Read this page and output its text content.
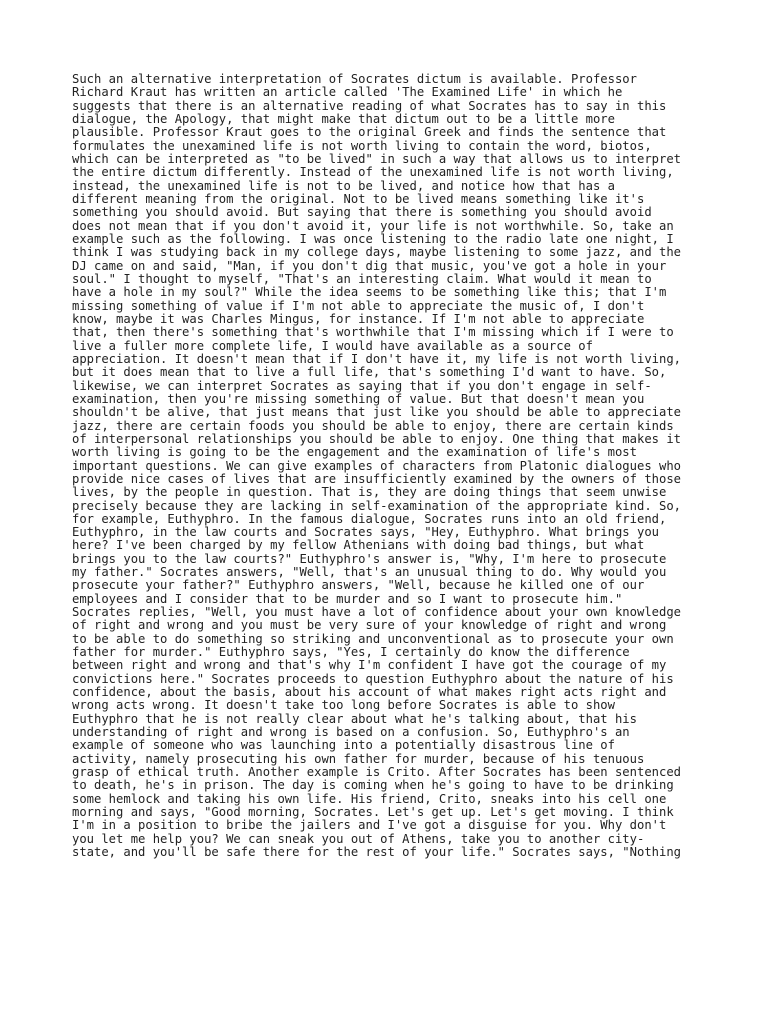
Such an alternative interpretation of Socrates dictum is available. Professor
Richard Kraut has written an article called 'The Examined Life' in which he
suggests that there is an alternative reading of what Socrates has to say in this
dialogue, the Apology, that might make that dictum out to be a little more
plausible. Professor Kraut goes to the original Greek and finds the sentence that
formulates the unexamined life is not worth living to contain the word, biotos,
which can be interpreted as "to be lived" in such a way that allows us to interpret
the entire dictum differently. Instead of the unexamined life is not worth living,
instead, the unexamined life is not to be lived, and notice how that has a
different meaning from the original. Not to be lived means something like it's
something you should avoid. But saying that there is something you should avoid
does not mean that if you don't avoid it, your life is not worthwhile. So, take an
example such as the following. I was once listening to the radio late one night, I
think I was studying back in my college days, maybe listening to some jazz, and the
DJ came on and said, "Man, if you don't dig that music, you've got a hole in your
soul." I thought to myself, "That's an interesting claim. What would it mean to
have a hole in my soul?" While the idea seems to be something like this; that I'm
missing something of value if I'm not able to appreciate the music of, I don't
know, maybe it was Charles Mingus, for instance. If I'm not able to appreciate
that, then there's something that's worthwhile that I'm missing which if I were to
live a fuller more complete life, I would have available as a source of
appreciation. It doesn't mean that if I don't have it, my life is not worth living,
but it does mean that to live a full life, that's something I'd want to have. So,
likewise, we can interpret Socrates as saying that if you don't engage in self-
examination, then you're missing something of value. But that doesn't mean you
shouldn't be alive, that just means that just like you should be able to appreciate
jazz, there are certain foods you should be able to enjoy, there are certain kinds
of interpersonal relationships you should be able to enjoy. One thing that makes it
worth living is going to be the engagement and the examination of life's most
important questions. We can give examples of characters from Platonic dialogues who
provide nice cases of lives that are insufficiently examined by the owners of those
lives, by the people in question. That is, they are doing things that seem unwise
precisely because they are lacking in self-examination of the appropriate kind. So,
for example, Euthyphro. In the famous dialogue, Socrates runs into an old friend,
Euthyphro, in the law courts and Socrates says, "Hey, Euthyphro. What brings you
here? I've been charged by my fellow Athenians with doing bad things, but what
brings you to the law courts?" Euthyphro's answer is, "Why, I'm here to prosecute
my father." Socrates answers, "Well, that's an unusual thing to do. Why would you
prosecute your father?" Euthyphro answers, "Well, because he killed one of our
employees and I consider that to be murder and so I want to prosecute him."
Socrates replies, "Well, you must have a lot of confidence about your own knowledge
of right and wrong and you must be very sure of your knowledge of right and wrong
to be able to do something so striking and unconventional as to prosecute your own
father for murder." Euthyphro says, "Yes, I certainly do know the difference
between right and wrong and that's why I'm confident I have got the courage of my
convictions here." Socrates proceeds to question Euthyphro about the nature of his
confidence, about the basis, about his account of what makes right acts right and
wrong acts wrong. It doesn't take too long before Socrates is able to show
Euthyphro that he is not really clear about what he's talking about, that his
understanding of right and wrong is based on a confusion. So, Euthyphro's an
example of someone who was launching into a potentially disastrous line of
activity, namely prosecuting his own father for murder, because of his tenuous
grasp of ethical truth. Another example is Crito. After Socrates has been sentenced
to death, he's in prison. The day is coming when he's going to have to be drinking
some hemlock and taking his own life. His friend, Crito, sneaks into his cell one
morning and says, "Good morning, Socrates. Let's get up. Let's get moving. I think
I'm in a position to bribe the jailers and I've got a disguise for you. Why don't
you let me help you? We can sneak you out of Athens, take you to another city-
state, and you'll be safe there for the rest of your life." Socrates says, "Nothing
